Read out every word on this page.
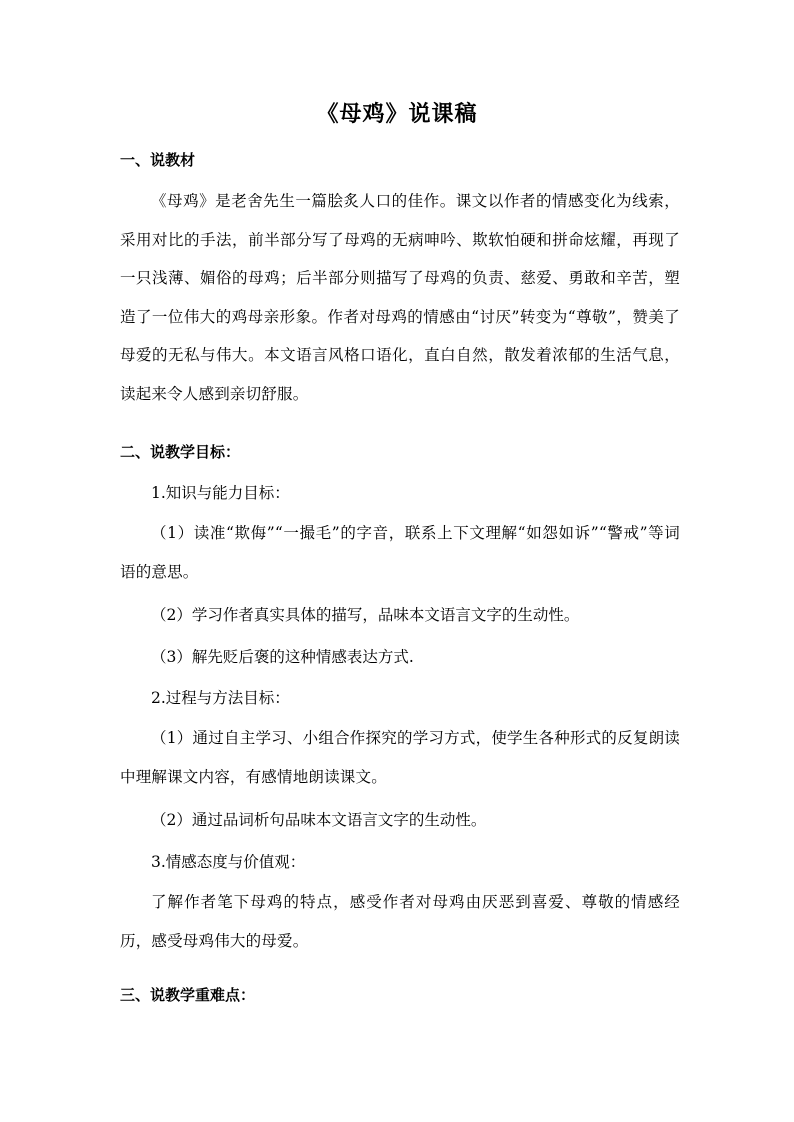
《母鸡》说课稿
一、说教材
《母鸡》是老舍先生一篇脍炙人口的佳作。课文以作者的情感变化为线索，采用对比的手法，前半部分写了母鸡的无病呻吟、欺软怕硬和拼命炫耀，再现了一只浅薄、媚俗的母鸡；后半部分则描写了母鸡的负责、慈爱、勇敢和辛苦，塑造了一位伟大的鸡母亲形象。作者对母鸡的情感由“讨厌”转变为“尊敬”，赞美了母爱的无私与伟大。本文语言风格口语化，直白自然，散发着浓郁的生活气息，读起来令人感到亲切舒服。
二、说教学目标：
1.知识与能力目标：
（1）读准“欺侮”“一撮毛”的字音，联系上下文理解“如怨如诉”“警戒”等词语的意思。
（2）学习作者真实具体的描写，品味本文语言文字的生动性。
（3）解先贬后褒的这种情感表达方式.
2.过程与方法目标：
（1）通过自主学习、小组合作探究的学习方式，使学生各种形式的反复朗读中理解课文内容，有感情地朗读课文。
（2）通过品词析句品味本文语言文字的生动性。
3.情感态度与价值观：
了解作者笔下母鸡的特点，感受作者对母鸡由厌恶到喜爱、尊敬的情感经历，感受母鸡伟大的母爱。
三、说教学重难点：
